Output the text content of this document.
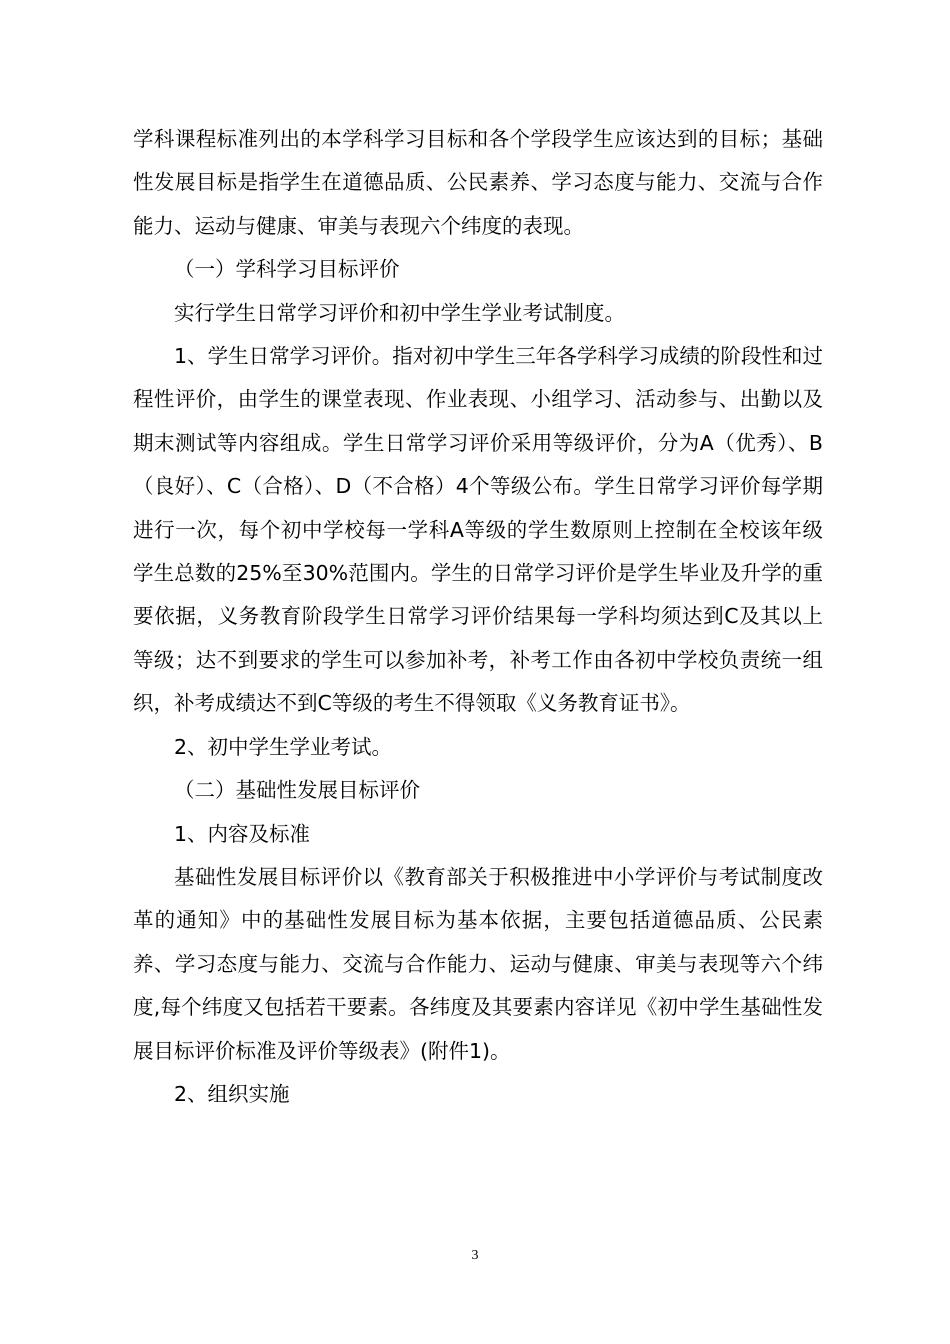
学科课程标准列出的本学科学习目标和各个学段学生应该达到的目标；基础性发展目标是指学生在道德品质、公民素养、学习态度与能力、交流与合作能力、运动与健康、审美与表现六个纬度的表现。

（一）学科学习目标评价

实行学生日常学习评价和初中学生学业考试制度。

1、学生日常学习评价。指对初中学生三年各学科学习成绩的阶段性和过程性评价，由学生的课堂表现、作业表现、小组学习、活动参与、出勤以及期末测试等内容组成。学生日常学习评价采用等级评价，分为A（优秀）、B（良好）、C（合格）、D（不合格）4个等级公布。学生日常学习评价每学期进行一次，每个初中学校每一学科A等级的学生数原则上控制在全校该年级学生总数的25%至30%范围内。学生的日常学习评价是学生毕业及升学的重要依据，义务教育阶段学生日常学习评价结果每一学科均须达到C及其以上等级；达不到要求的学生可以参加补考，补考工作由各初中学校负责统一组织，补考成绩达不到C等级的考生不得领取《义务教育证书》。

2、初中学生学业考试。

（二）基础性发展目标评价

1、内容及标准

基础性发展目标评价以《教育部关于积极推进中小学评价与考试制度改革的通知》中的基础性发展目标为基本依据，主要包括道德品质、公民素养、学习态度与能力、交流与合作能力、运动与健康、审美与表现等六个纬度,每个纬度又包括若干要素。各纬度及其要素内容详见《初中学生基础性发展目标评价标准及评价等级表》(附件1)。

2、组织实施

3
